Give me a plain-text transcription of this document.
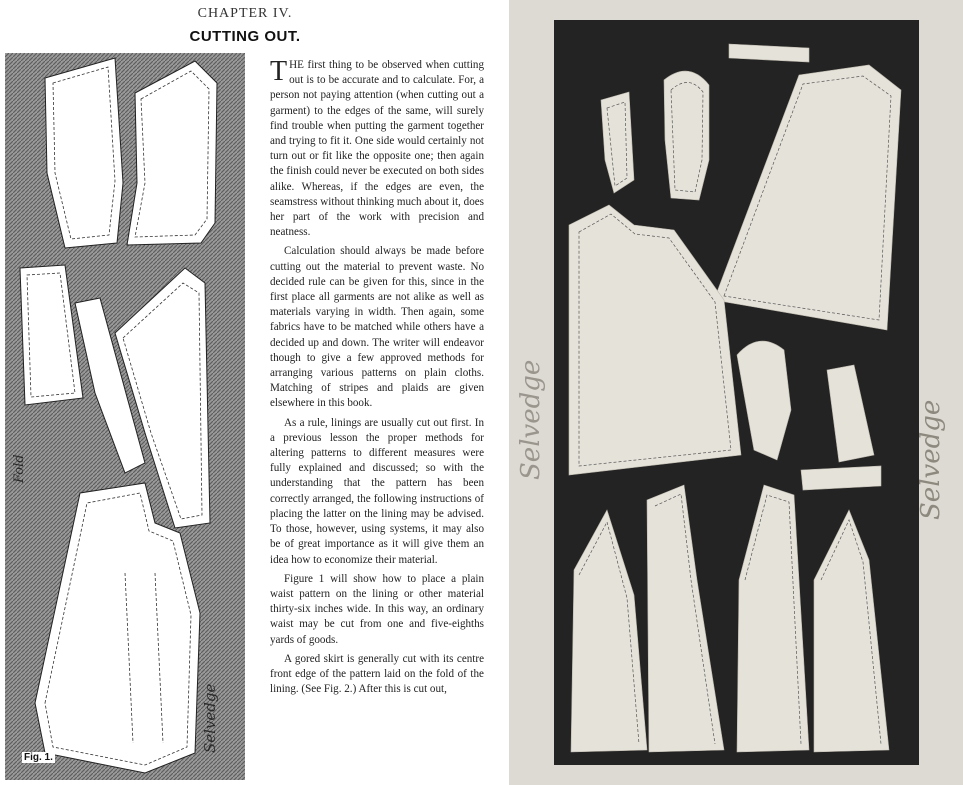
CHAPTER IV.
CUTTING OUT.
Fold
Selvedge
Fig. 1.

THE first thing to be observed when cutting out is to be accurate and to calculate. For, a person not paying attention (when cutting out a garment) to the edges of the same, will surely find trouble when putting the garment together and trying to fit it. One side would certainly not turn out or fit like the opposite one; then again the finish could never be executed on both sides alike. Whereas, if the edges are even, the seamstress without thinking much about it, does her part of the work with precision and neatness.

Calculation should always be made before cutting out the material to prevent waste. No decided rule can be given for this, since in the first place all garments are not alike as well as materials varying in width. Then again, some fabrics have to be matched while others have a decided up and down. The writer will endeavor though to give a few approved methods for arranging various patterns on plain cloths. Matching of stripes and plaids are given elsewhere in this book.

As a rule, linings are usually cut out first. In a previous lesson the proper methods for altering patterns to different measures were fully explained and discussed; so with the understanding that the pattern has been correctly arranged, the following instructions of placing the latter on the lining may be advised. To those, however, using systems, it may also be of great importance as it will give them an idea how to economize their material.

Figure 1 will show how to place a plain waist pattern on the lining or other material thirty-six inches wide. In this way, an ordinary waist may be cut from one and five-eighths yards of goods.

A gored skirt is generally cut with its centre front edge of the pattern laid on the fold of the lining. (See Fig. 2.) After this is cut out,

Selvedge	Selvedge
